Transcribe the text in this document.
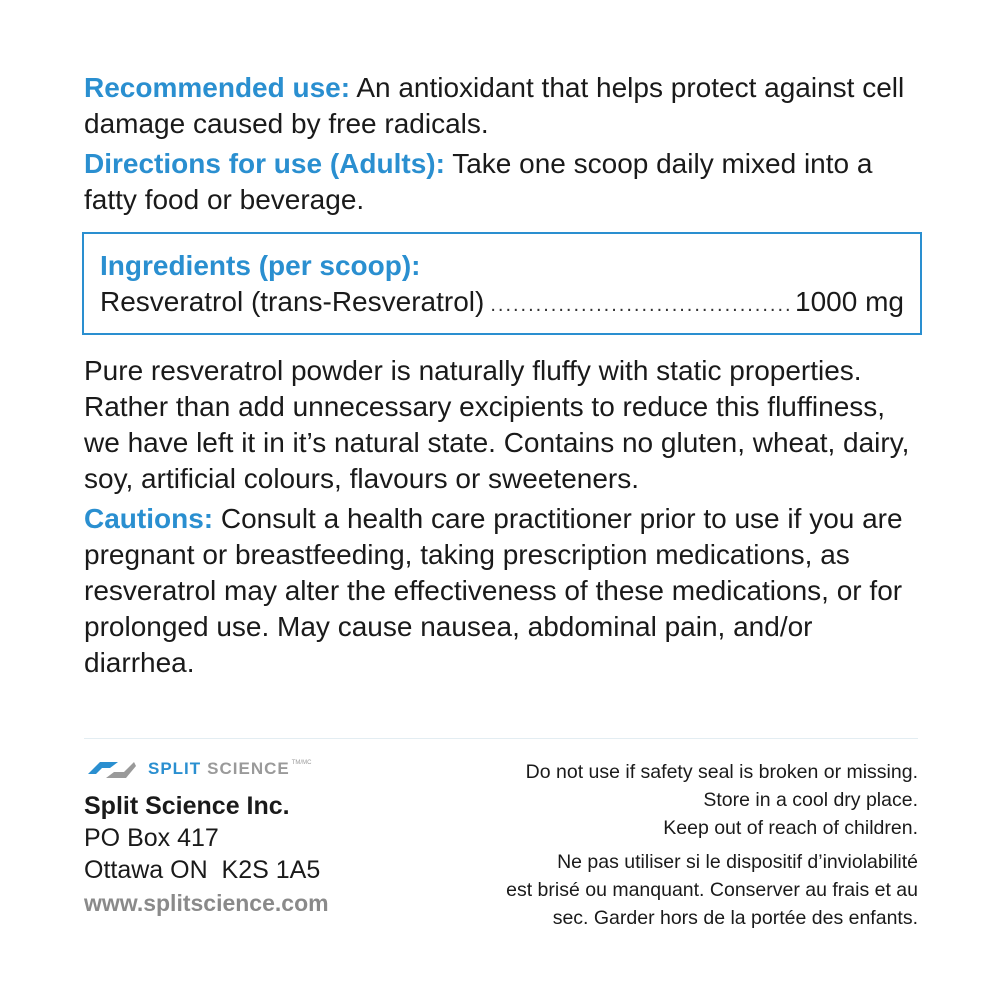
Recommended use: An antioxidant that helps protect against cell damage caused by free radicals.

Directions for use (Adults): Take one scoop daily mixed into a fatty food or beverage.

Ingredients (per scoop):
Resveratrol (trans-Resveratrol)
.....	1000 mg

Pure resveratrol powder is naturally fluffy with static properties. Rather than add unnecessary excipients to reduce this fluffiness, we have left it in it’s natural state. Contains no gluten, wheat, dairy, soy, artificial colours, flavours or sweeteners.

Cautions: Consult a health care practitioner prior to use if you are pregnant or breastfeeding, taking prescription medications, as resveratrol may alter the effectiveness of these medications, or for prolonged use. May cause nausea, abdominal pain, and/or diarrhea.

SPLIT SCIENCE TM/MC
Split Science Inc.
PO Box 417
Ottawa ON  K2S 1A5
www.splitscience.com
Do not use if safety seal is broken or missing.
Store in a cool dry place.
Keep out of reach of children.
Ne pas utiliser si le dispositif d’inviolabilité
est brisé ou manquant. Conserver au frais et au
sec. Garder hors de la portée des enfants.
